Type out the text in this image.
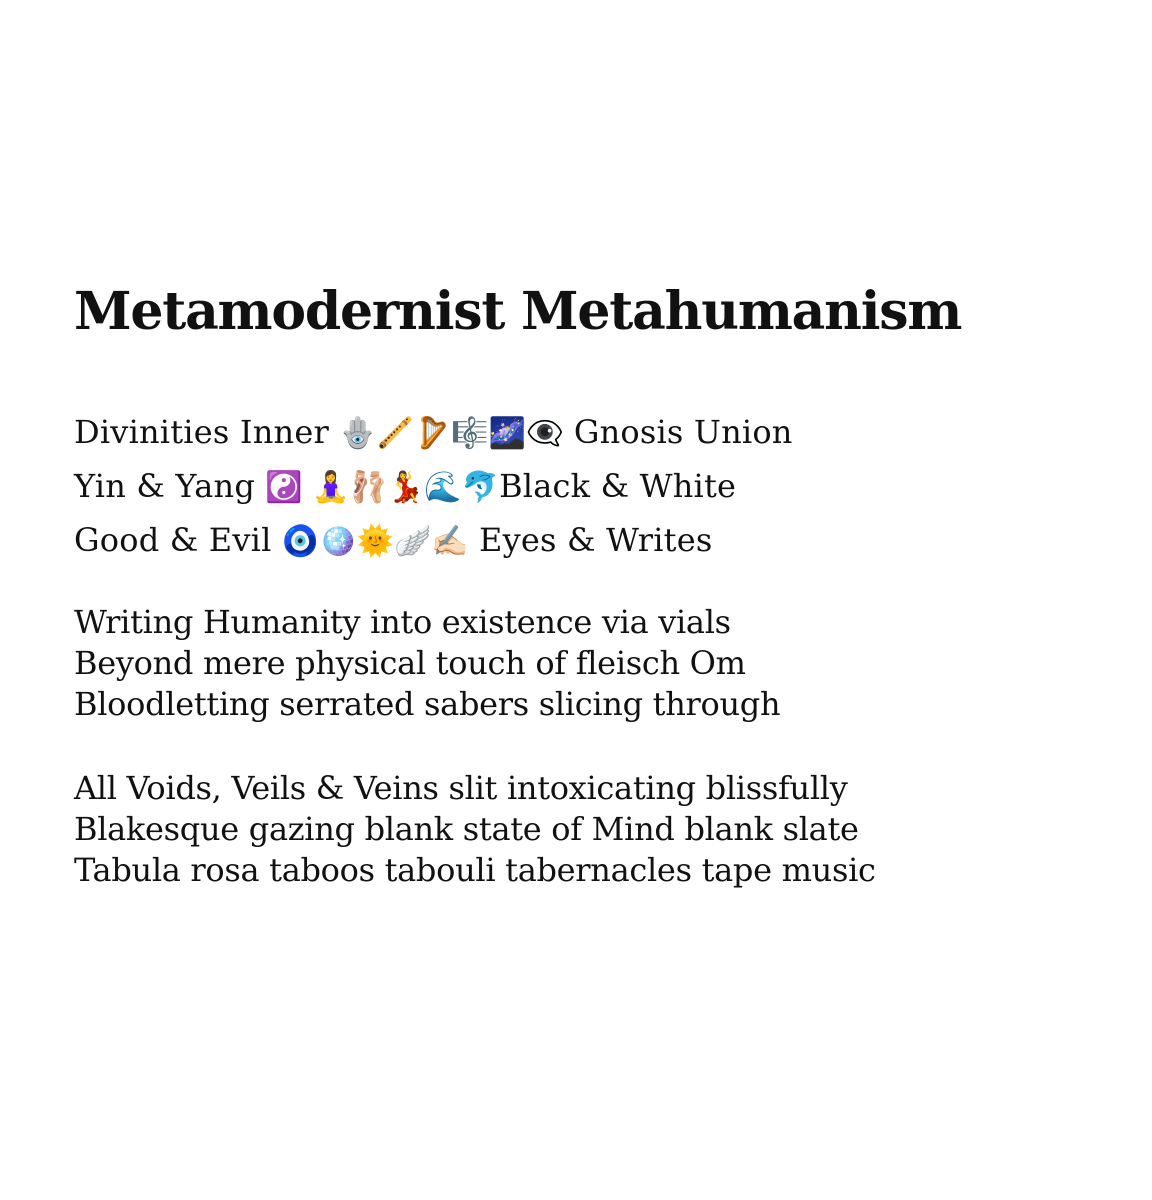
Metamodernist Metahumanism
Divinities Inner 🪬🪈🪉🎼🌌👁‍🗨 Gnosis Union
Yin & Yang ☯️ 🧘‍♀️🩰💃🌊🐬Black & White
Good & Evil 🧿🪩🌞🪽✍🏻 Eyes & Writes
Writing Humanity into existence via vials
Beyond mere physical touch of fleisch Om
Bloodletting serrated sabers slicing through
All Voids, Veils & Veins slit intoxicating blissfully
Blakesque gazing blank state of Mind blank slate
Tabula rosa taboos tabouli tabernacles tape music
